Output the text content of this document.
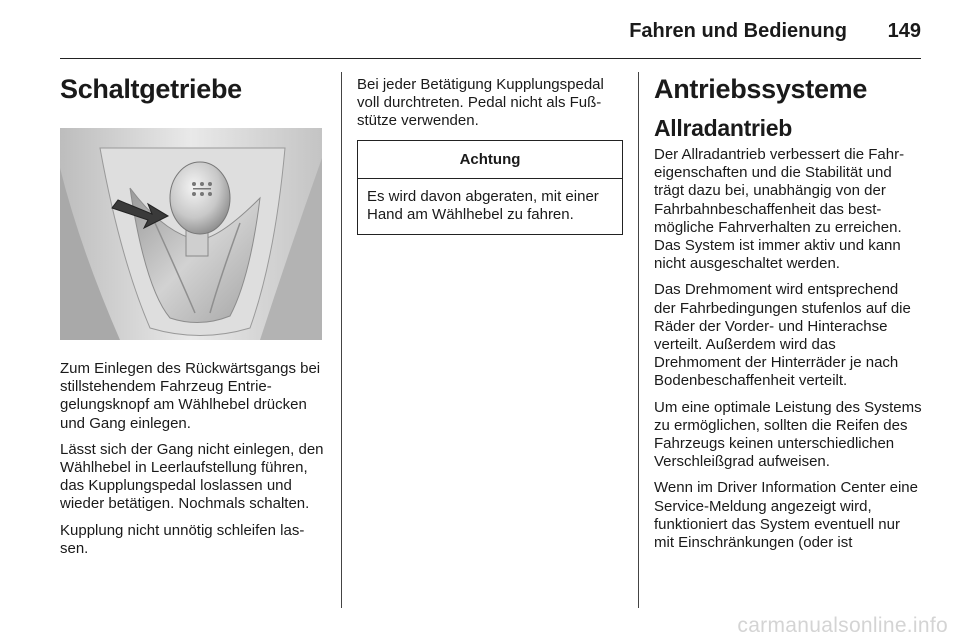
Fahren und Bedienung 149
Schaltgetriebe

Zum Einlegen des Rückwärtsgangs bei stillstehendem Fahrzeug Entriegelungsknopf am Wählhebel drücken und Gang einlegen.

Lässt sich der Gang nicht einlegen, den Wählhebel in Leerlaufstellung führen, das Kupplungspedal loslassen und wieder betätigen. Nochmals schalten.

Kupplung nicht unnötig schleifen lassen.

Bei jeder Betätigung Kupplungspedal voll durchtreten. Pedal nicht als Fußstütze verwenden.

Achtung

Es wird davon abgeraten, mit einer Hand am Wählhebel zu fahren.

Antriebssysteme
Allradantrieb

Der Allradantrieb verbessert die Fahreigenschaften und die Stabilität und trägt dazu bei, unabhängig von der Fahrbahnbeschaffenheit das bestmögliche Fahrverhalten zu erreichen. Das System ist immer aktiv und kann nicht ausgeschaltet werden.

Das Drehmoment wird entsprechend der Fahrbedingungen stufenlos auf die Räder der Vorder- und Hinterachse verteilt. Außerdem wird das Drehmoment der Hinterräder je nach Bodenbeschaffenheit verteilt.

Um eine optimale Leistung des Systems zu ermöglichen, sollten die Reifen des Fahrzeugs keinen unterschiedlichen Verschleißgrad aufweisen.

Wenn im Driver Information Center eine Service-Meldung angezeigt wird, funktioniert das System eventuell nur mit Einschränkungen (oder ist

carmanualsonline.info
